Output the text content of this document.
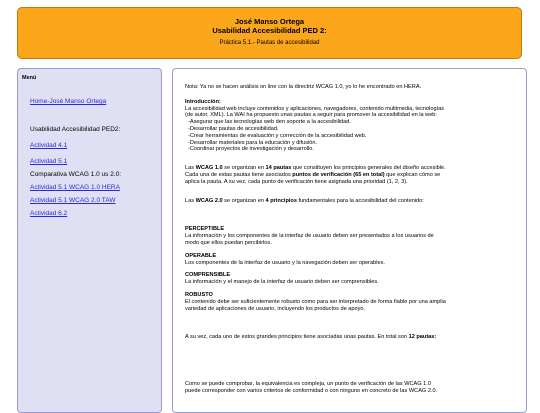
José Manso Ortega
Usabilidad Accesibilidad PED 2:
Práctica 5.1.- Pautas de accesibilidad
Menú
Home-José Manso Ortega
Usabilidad Accesibilidad PED2:
Actividad 4.1
Actividad 5.1
Comparativa WCAG 1.0 us 2.0:
Actividad 5.1 WCAG 1.0 HERA
Actividad 5.1 WCAG 2.0 TAW
Actividad 6.2

Nota: Ya no se hacen análisis on line con la directriz WCAG 1.0, yo lo he encontrado en HERA.

Introducción:

La accesibilidad web incluye contenidos y aplicaciones, navegadores, contenido multimedia, tecnologías

(de autor, XML). La WAI ha propuesto unas pautas a seguir para promover la accesibilidad en la web:

-Asegurar que las tecnologías web den soporte a la accesibilidad.

-Desarrollar pautas de accesibilidad.

-Crear herramientas de evaluación y corrección de la accesibilidad web.

-Desarrollar materiales para la educación y difusión.

-Coordinar proyectos de investigación y desarrollo.

Las WCAG 1.0 se organizan en 14 pautas que constituyen los principios generales del diseño accesible.

Cada una de estas pautas tiene asociados puntos de verificación (65 en total) que explican cómo se

aplica la pauta. A su vez, cada punto de verificación tiene asignada una prioridad (1, 2, 3).

Las WCAG 2.0 se organizan en 4 principios fundamentales para la accesibilidad del contenido:

PERCEPTIBLE

La información y los componentes de la interfaz de usuario deben ser presentados a los usuarios de

modo que ellos puedan percibirlos.

OPERABLE

Los componentes de la interfaz de usuario y la navegación deben ser operables.

COMPRENSIBLE

La información y el manejo de la interfaz de usuario deben ser comprensibles.

ROBUSTO

El contenido debe ser suficientemente robusto como para ser interpretado de forma fiable por una amplia

variedad de aplicaciones de usuario, incluyendo los productos de apoyo.

A su vez, cada uno de estos grandes principios tiene asociadas unas pautas. En total son 12 pautas:

Como se puede comprobar, la equivalencia es compleja, un punto de verificación de las WCAG 1.0

puede corresponder con varios criterios de conformidad o con ninguno en concreto de las WCAG 2.0.
